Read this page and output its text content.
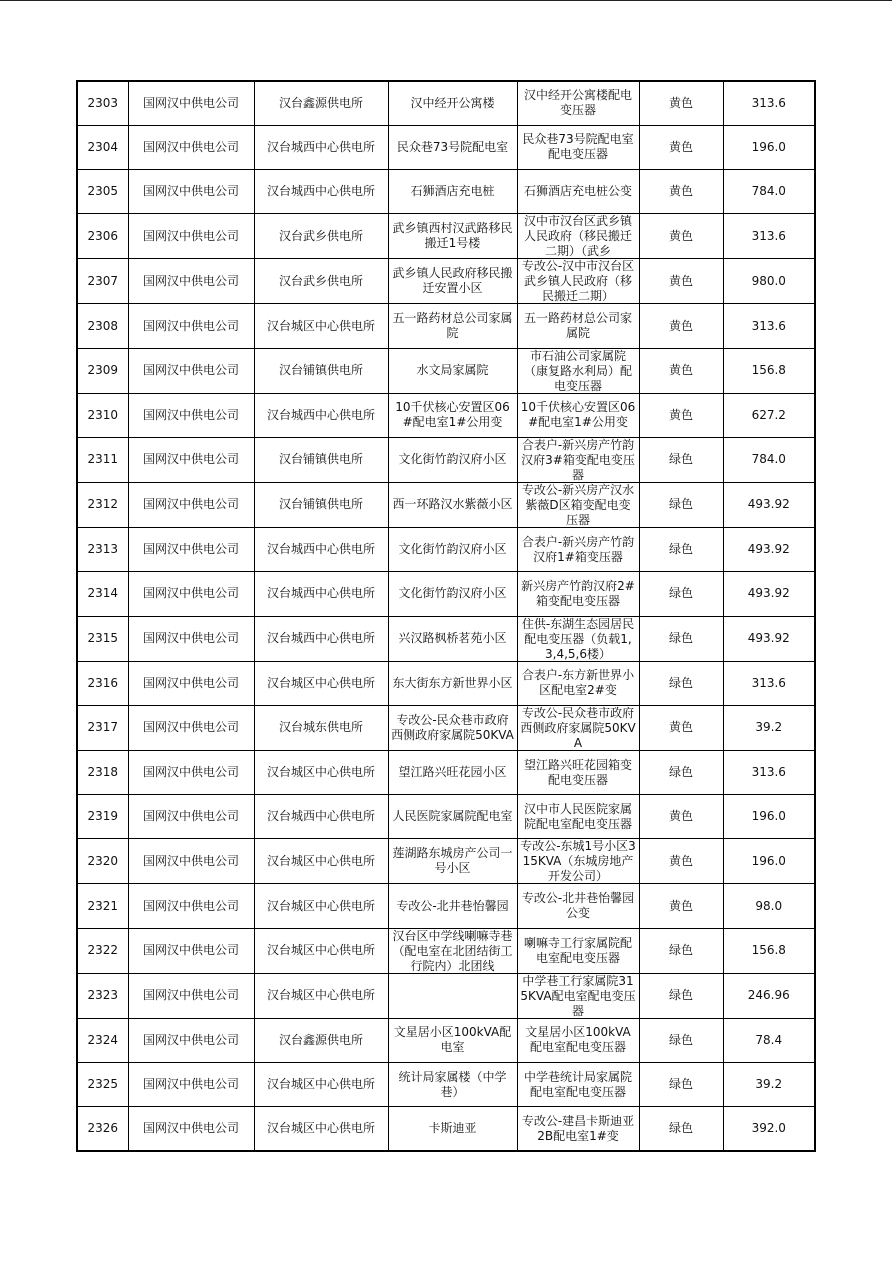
2303	国网汉中供电公司	汉台鑫源供电所	汉中经开公寓楼	汉中经开公寓楼配电变压器	黄色	313.6

2304	国网汉中供电公司	汉台城西中心供电所	民众巷73号院配电室	民众巷73号院配电室配电变压器	黄色	196.0

2305	国网汉中供电公司	汉台城西中心供电所	石狮酒店充电桩	石狮酒店充电桩公变	黄色	784.0

2306	国网汉中供电公司	汉台武乡供电所	武乡镇西村汉武路移民搬迁1号楼	汉中市汉台区武乡镇人民政府（移民搬迁二期）（武乡	黄色	313.6

2307	国网汉中供电公司	汉台武乡供电所	武乡镇人民政府移民搬迁安置小区	专改公-汉中市汉台区武乡镇人民政府（移民搬迁二期）	黄色	980.0

2308	国网汉中供电公司	汉台城区中心供电所	五一路药材总公司家属院	五一路药材总公司家属院	黄色	313.6

2309	国网汉中供电公司	汉台铺镇供电所	水文局家属院	市石油公司家属院（康复路水利局）配电变压器	黄色	156.8

2310	国网汉中供电公司	汉台城西中心供电所	10千伏核心安置区06#配电室1#公用变	10千伏核心安置区06#配电室1#公用变	黄色	627.2

2311	国网汉中供电公司	汉台铺镇供电所	文化街竹韵汉府小区	合表户-新兴房产竹韵汉府3#箱变配电变压器	绿色	784.0

2312	国网汉中供电公司	汉台铺镇供电所	西一环路汉水紫薇小区	专改公-新兴房产汉水紫薇D区箱变配电变压器	绿色	493.92

2313	国网汉中供电公司	汉台城西中心供电所	文化街竹韵汉府小区	合表户-新兴房产竹韵汉府1#箱变压器	绿色	493.92

2314	国网汉中供电公司	汉台城西中心供电所	文化街竹韵汉府小区	新兴房产竹韵汉府2#箱变配电变压器	绿色	493.92

2315	国网汉中供电公司	汉台城西中心供电所	兴汉路枫桥茗苑小区	住供-东湖生态园居民配电变压器（负载1,3,4,5,6楼）	绿色	493.92

2316	国网汉中供电公司	汉台城区中心供电所	东大街东方新世界小区	合表户-东方新世界小区配电室2#变	绿色	313.6

2317	国网汉中供电公司	汉台城东供电所	专改公-民众巷市政府西侧政府家属院50KVA	专改公-民众巷市政府西侧政府家属院50KVA	黄色	39.2

2318	国网汉中供电公司	汉台城区中心供电所	望江路兴旺花园小区	望江路兴旺花园箱变配电变压器	绿色	313.6

2319	国网汉中供电公司	汉台城西中心供电所	人民医院家属院配电室	汉中市人民医院家属院配电室配电变压器	黄色	196.0

2320	国网汉中供电公司	汉台城区中心供电所	莲湖路东城房产公司一号小区	专改公-东城1号小区315KVA（东城房地产开发公司）	黄色	196.0

2321	国网汉中供电公司	汉台城区中心供电所	专改公-北井巷怡馨园	专改公-北井巷怡馨园公变	黄色	98.0

2322	国网汉中供电公司	汉台城区中心供电所	汉台区中学线喇嘛寺巷（配电室在北团结街工行院内）北团线	喇嘛寺工行家属院配电室配电变压器	绿色	156.8

2323	国网汉中供电公司	汉台城区中心供电所		中学巷工行家属院315KVA配电室配电变压器	绿色	246.96

2324	国网汉中供电公司	汉台鑫源供电所	文星居小区100kVA配电室	文星居小区100kVA配电室配电变压器	绿色	78.4

2325	国网汉中供电公司	汉台城区中心供电所	统计局家属楼（中学巷）	中学巷统计局家属院配电室配电变压器	绿色	39.2

2326	国网汉中供电公司	汉台城区中心供电所	卡斯迪亚	专改公-建昌卡斯迪亚2B配电室1#变	绿色	392.0
